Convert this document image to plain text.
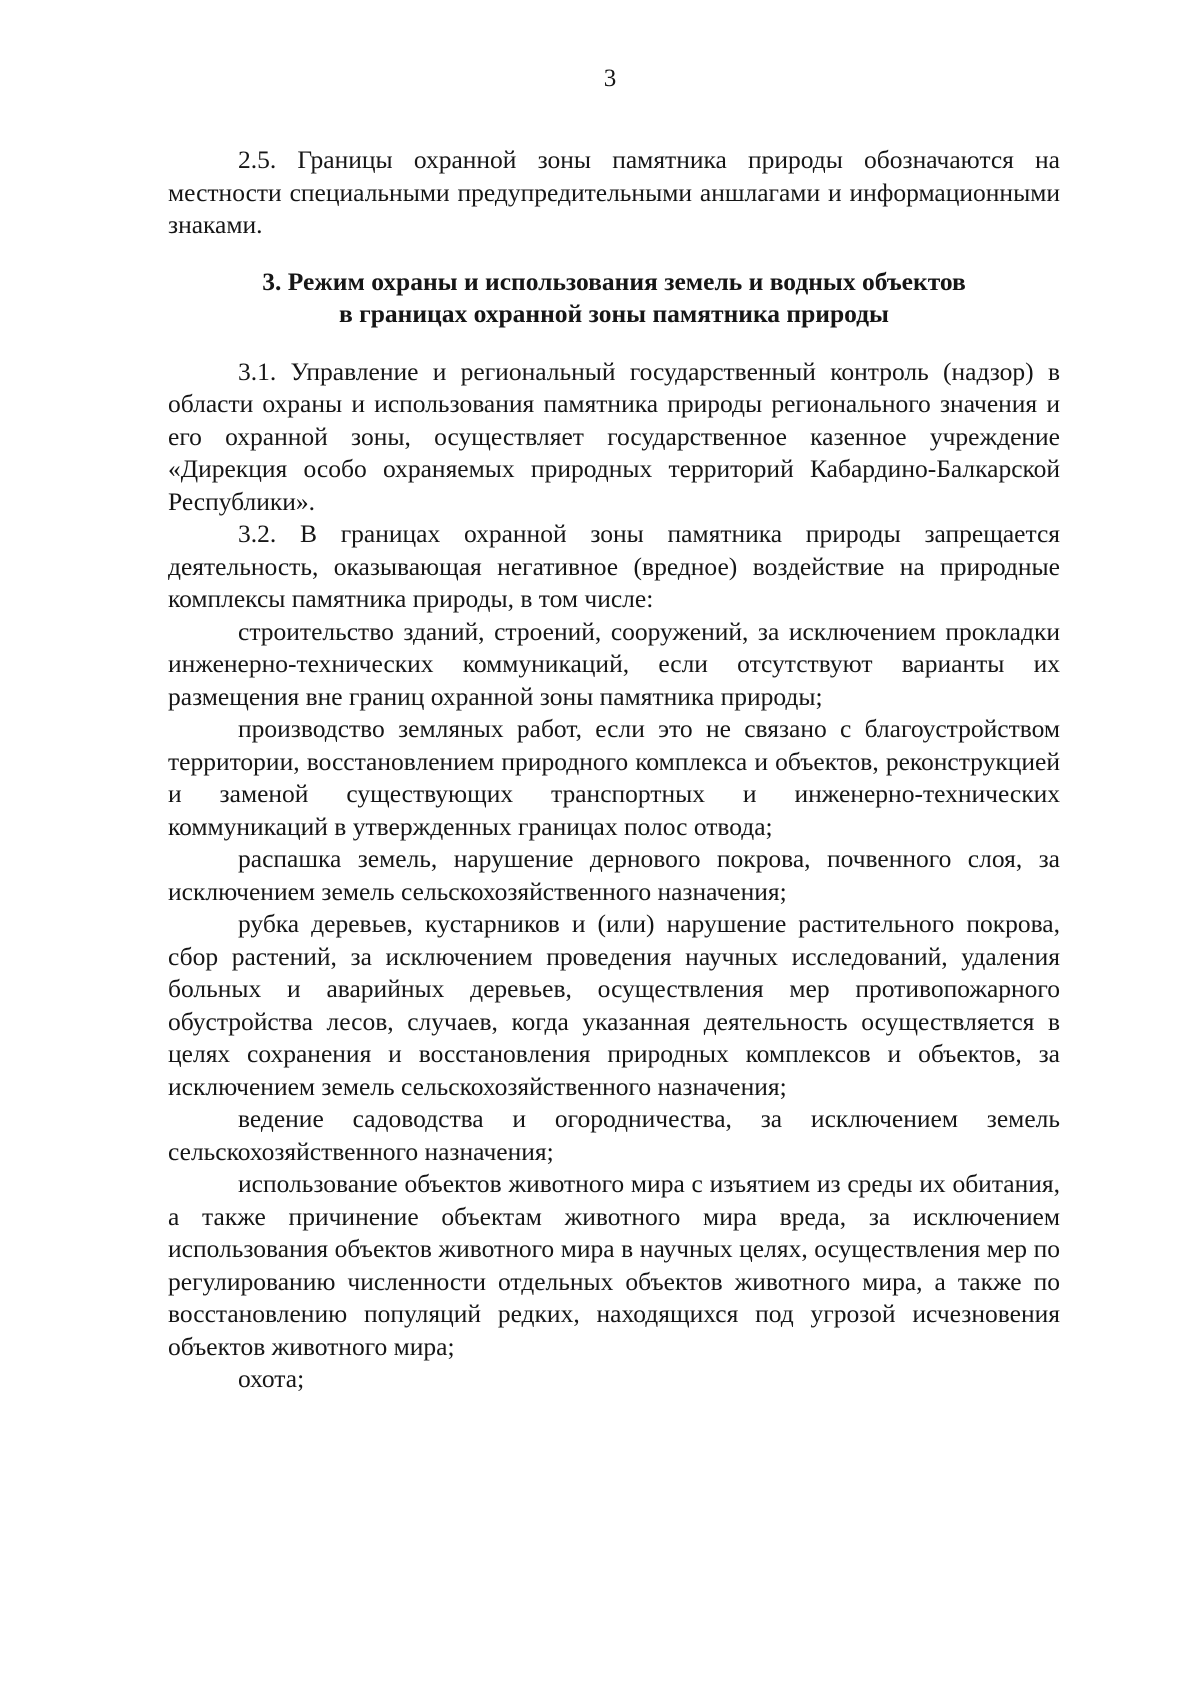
3

2.5. Границы охранной зоны памятника природы обозначаются на местности специальными предупредительными аншлагами и информационными знаками.

3. Режим охраны и использования земель и водных объектов
в границах охранной зоны памятника природы

3.1. Управление и региональный государственный контроль (надзор) в области охраны и использования памятника природы регионального значения и его охранной зоны, осуществляет государственное казенное учреждение «Дирекция особо охраняемых природных территорий Кабардино-Балкарской Республики».

3.2. В границах охранной зоны памятника природы запрещается деятельность, оказывающая негативное (вредное) воздействие на природные комплексы памятника природы, в том числе:

строительство зданий, строений, сооружений, за исключением прокладки инженерно-технических коммуникаций, если отсутствуют варианты их размещения вне границ охранной зоны памятника природы;

производство земляных работ, если это не связано с благоустройством территории, восстановлением природного комплекса и объектов, реконструкцией и заменой существующих транспортных и инженерно-технических коммуникаций в утвержденных границах полос отвода;

распашка земель, нарушение дернового покрова, почвенного слоя, за исключением земель сельскохозяйственного назначения;

рубка деревьев, кустарников и (или) нарушение растительного покрова, сбор растений, за исключением проведения научных исследований, удаления больных и аварийных деревьев, осуществления мер противопожарного обустройства лесов, случаев, когда указанная деятельность осуществляется в целях сохранения и восстановления природных комплексов и объектов, за исключением земель сельскохозяйственного назначения;

ведение садоводства и огородничества, за исключением земель сельскохозяйственного назначения;

использование объектов животного мира с изъятием из среды их обитания, а также причинение объектам животного мира вреда, за исключением использования объектов животного мира в научных целях, осуществления мер по регулированию численности отдельных объектов животного мира, а также по восстановлению популяций редких, находящихся под угрозой исчезновения объектов животного мира;

охота;
